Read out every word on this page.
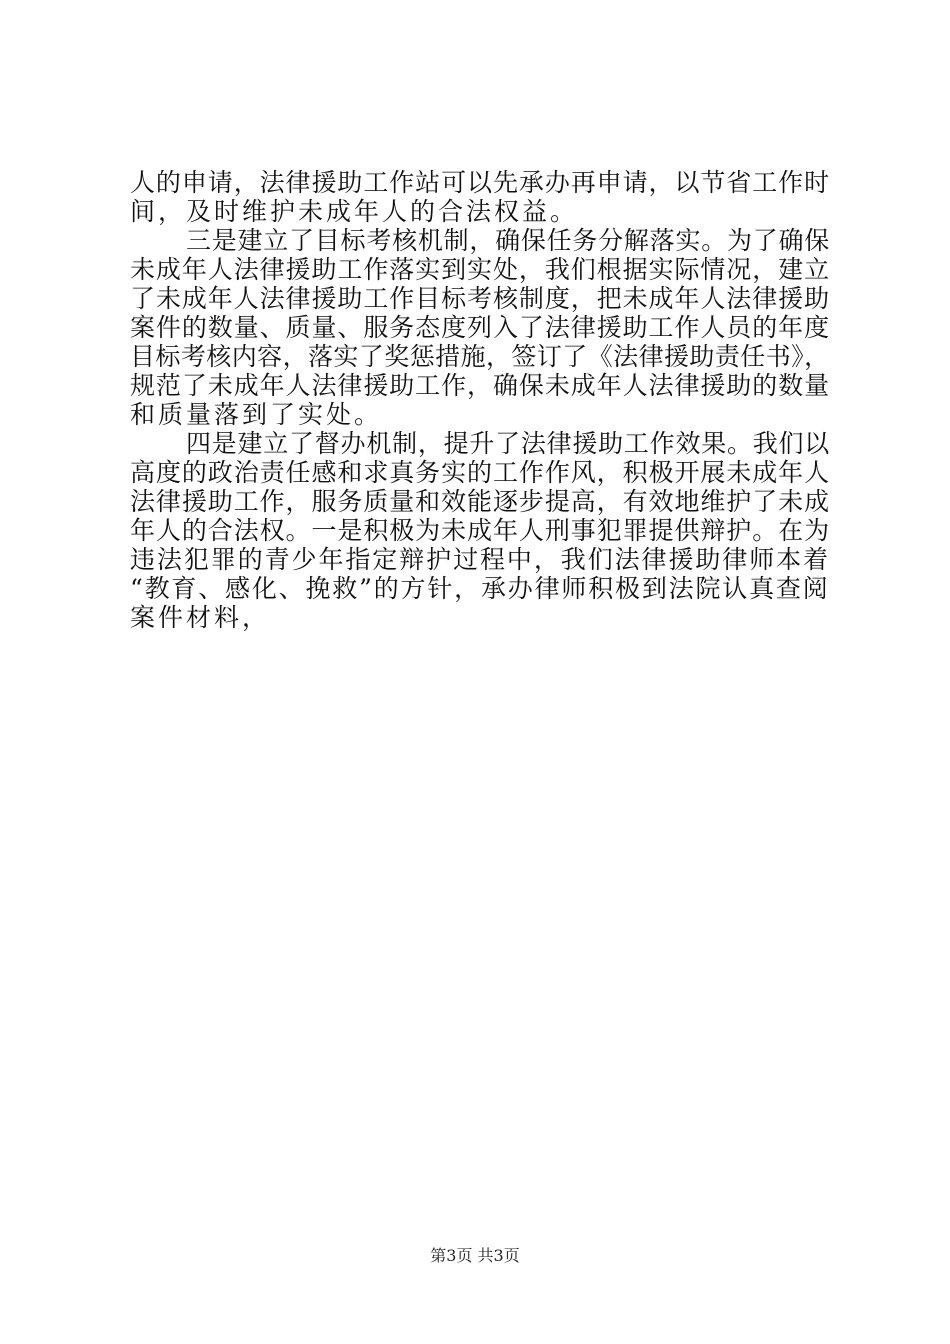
人的申请，法律援助工作站可以先承办再申请，以节省工作时
间，及时维护未成年人的合法权益。
三是建立了目标考核机制，确保任务分解落实。为了确保
未成年人法律援助工作落实到实处，我们根据实际情况，建立
了未成年人法律援助工作目标考核制度，把未成年人法律援助
案件的数量、质量、服务态度列入了法律援助工作人员的年度
目标考核内容，落实了奖惩措施，签订了《法律援助责任书》，
规范了未成年人法律援助工作，确保未成年人法律援助的数量
和质量落到了实处。
四是建立了督办机制，提升了法律援助工作效果。我们以
高度的政治责任感和求真务实的工作作风，积极开展未成年人
法律援助工作，服务质量和效能逐步提高，有效地维护了未成
年人的合法权。一是积极为未成年人刑事犯罪提供辩护。在为
违法犯罪的青少年指定辩护过程中，我们法律援助律师本着
“教育、感化、挽救”的方针，承办律师积极到法院认真查阅
案件材料，
第3页 共3页
